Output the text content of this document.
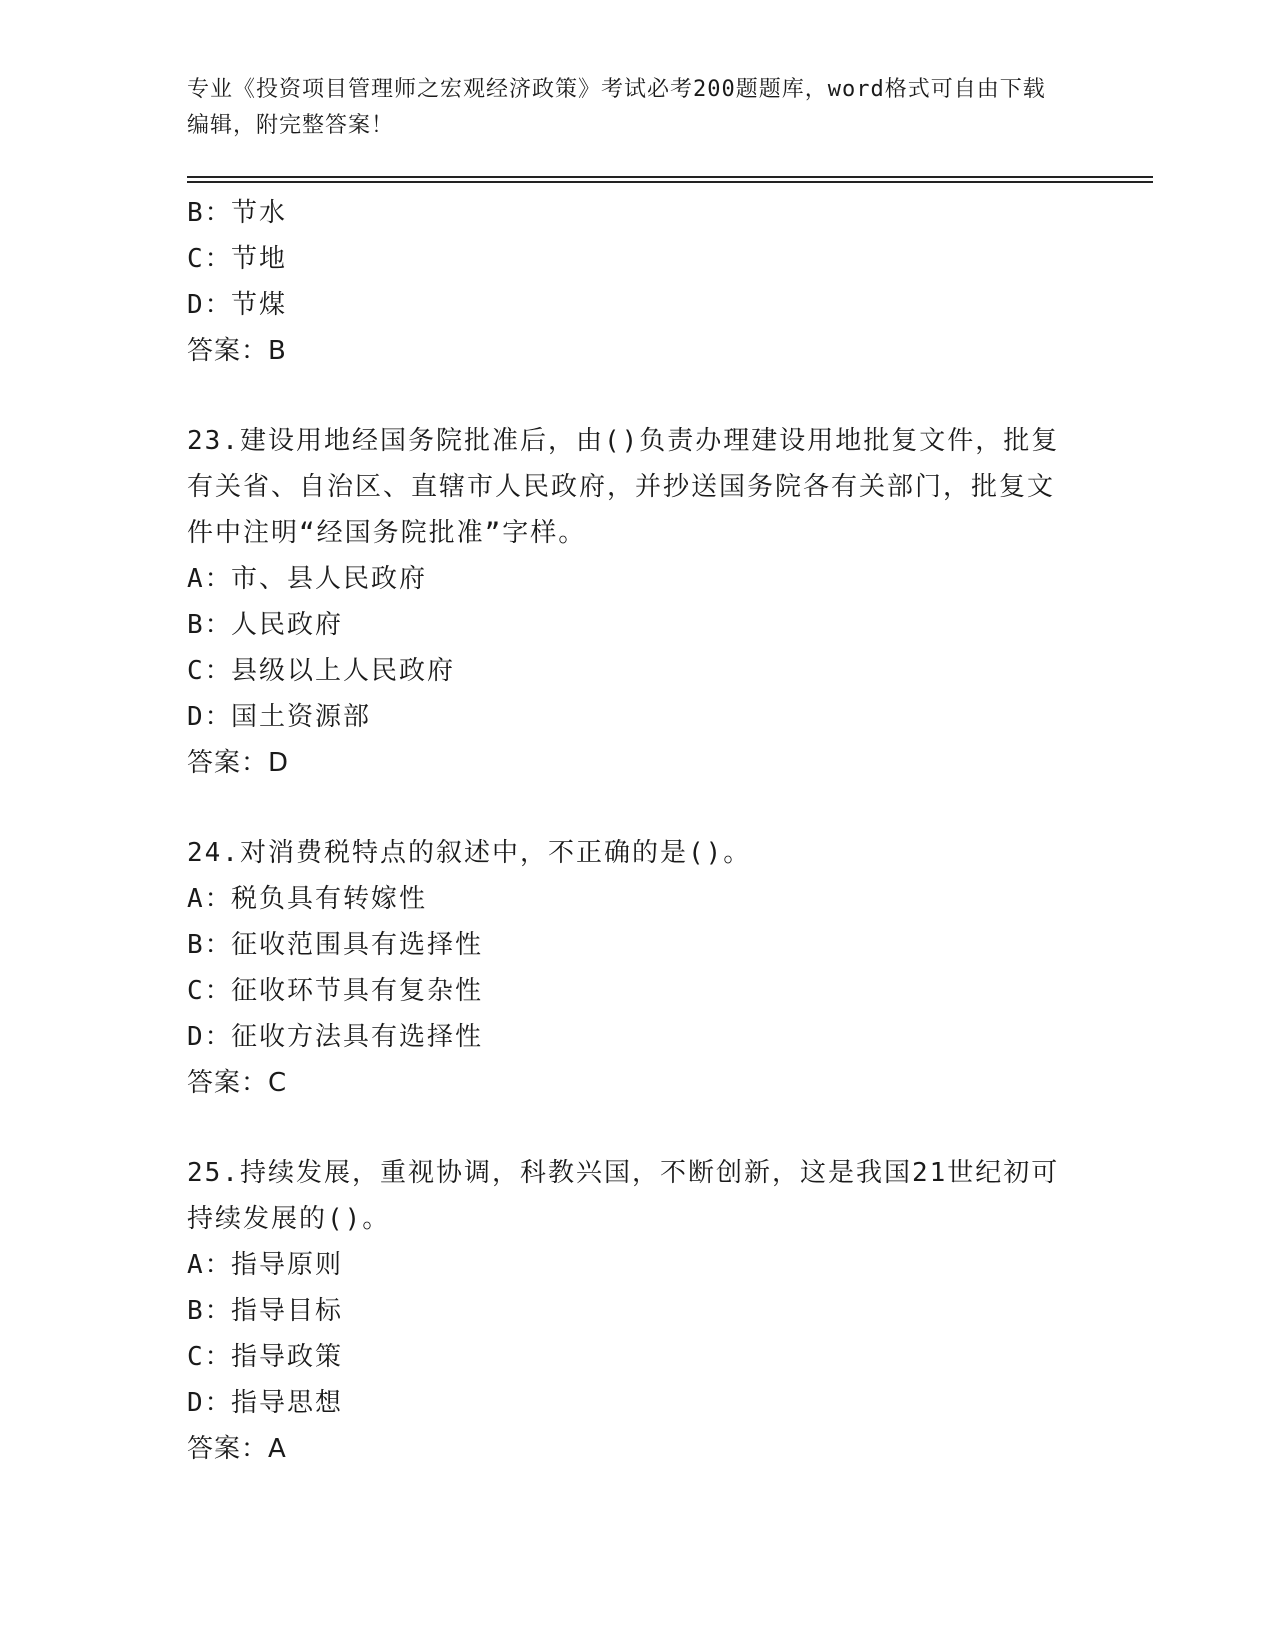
专业《投资项目管理师之宏观经济政策》考试必考200题题库，word格式可自由下载编辑，附完整答案！
B：节水
C：节地
D：节煤
答案：B
23.建设用地经国务院批准后，由()负责办理建设用地批复文件，批复有关省、自治区、直辖市人民政府，并抄送国务院各有关部门，批复文件中注明“经国务院批准”字样。
A：市、县人民政府
B：人民政府
C：县级以上人民政府
D：国土资源部
答案：D
24.对消费税特点的叙述中，不正确的是()。
A：税负具有转嫁性
B：征收范围具有选择性
C：征收环节具有复杂性
D：征收方法具有选择性
答案：C
25.持续发展，重视协调，科教兴国，不断创新，这是我国21世纪初可持续发展的()。
A：指导原则
B：指导目标
C：指导政策
D：指导思想
答案：A
